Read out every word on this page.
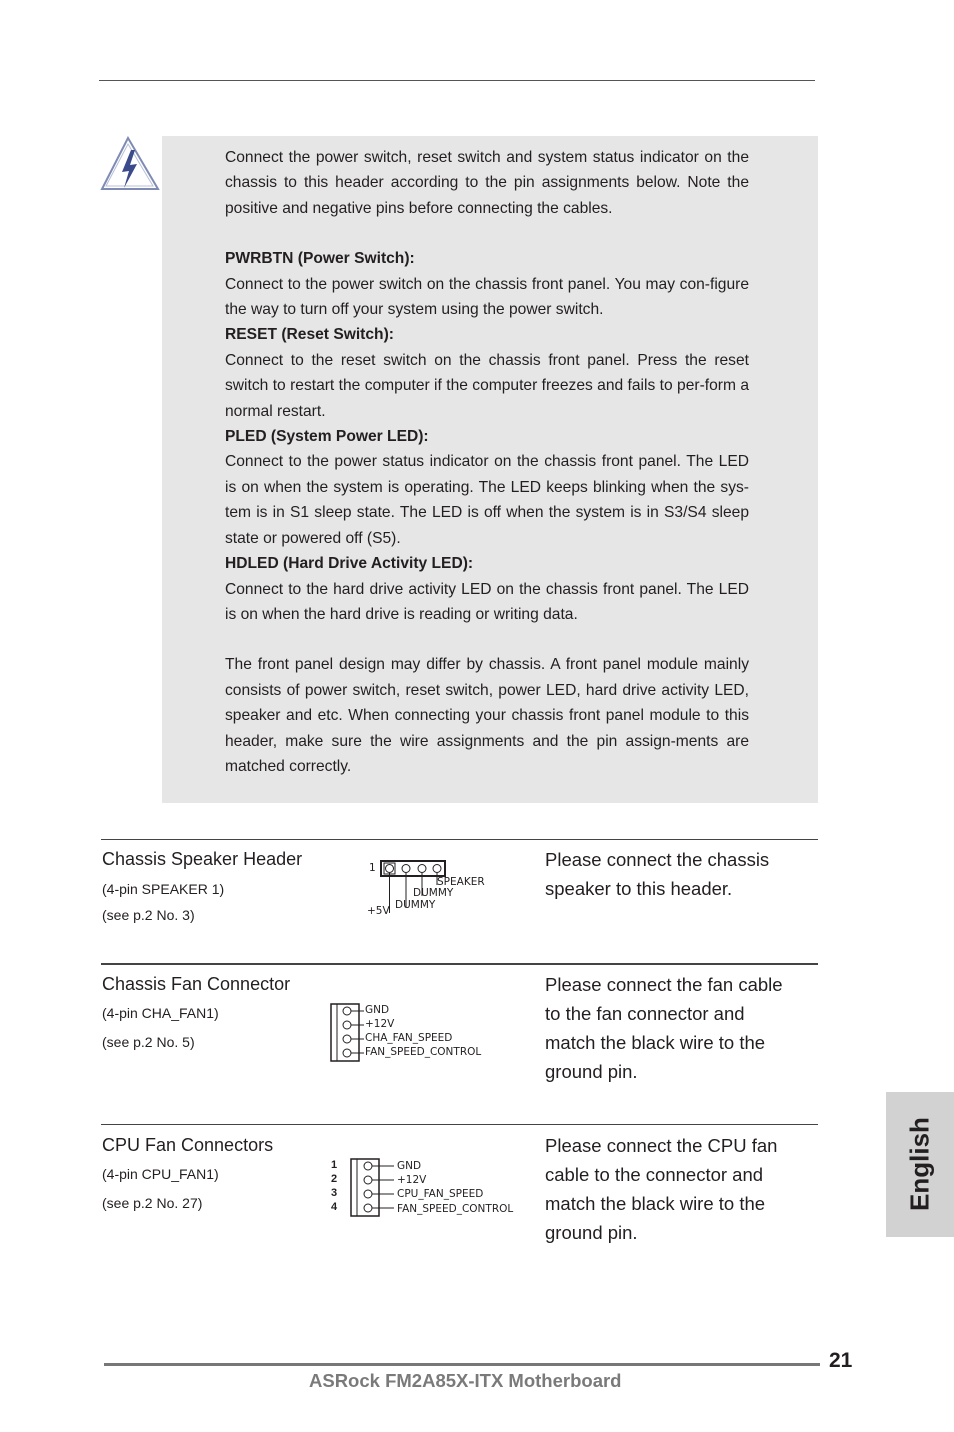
Connect the power switch, reset switch and system status indicator on the chassis to this header according to the pin assignments below. Note the positive and negative pins before connecting the cables.

PWRBTN (Power Switch):

Connect to the power switch on the chassis front panel. You may con-figure the way to turn off your system using the power switch.

RESET (Reset Switch):

Connect to the reset switch on the chassis front panel. Press the reset switch to restart the computer if the computer freezes and fails to per-form a normal restart.

PLED (System Power LED):

Connect to the power status indicator on the chassis front panel. The LED is on when the system is operating. The LED keeps blinking when the sys-tem is in S1 sleep state. The LED is off when the system is in S3/S4 sleep state or powered off (S5).

HDLED (Hard Drive Activity LED):

Connect to the hard drive activity LED on the chassis front panel. The LED is on when the hard drive is reading or writing data.

The front panel design may differ by chassis. A front panel module mainly consists of power switch, reset switch, power LED, hard drive activity LED, speaker and etc. When connecting your chassis front panel module to this header, make sure the wire assignments and the pin assign-ments are matched correctly.

Chassis Speaker Header
(4-pin SPEAKER 1)
(see p.2 No. 3)
1
SPEAKER
DUMMY
DUMMY
+5V

Please connect the chassis

speaker to this header.

Chassis Fan Connector
(4-pin CHA_FAN1)
(see p.2 No. 5)
GND
+12V
CHA_FAN_SPEED
FAN_SPEED_CONTROL

Please connect the fan cable

to the fan connector and

match the black wire to the

ground pin.

CPU Fan Connectors
(4-pin CPU_FAN1)
(see p.2 No. 27)
1
2
3
4
GND
+12V
CPU_FAN_SPEED
FAN_SPEED_CONTROL

Please connect the CPU fan

cable to the connector and

match the black wire to the

ground pin.

English
21
ASRock FM2A85X-ITX Motherboard
